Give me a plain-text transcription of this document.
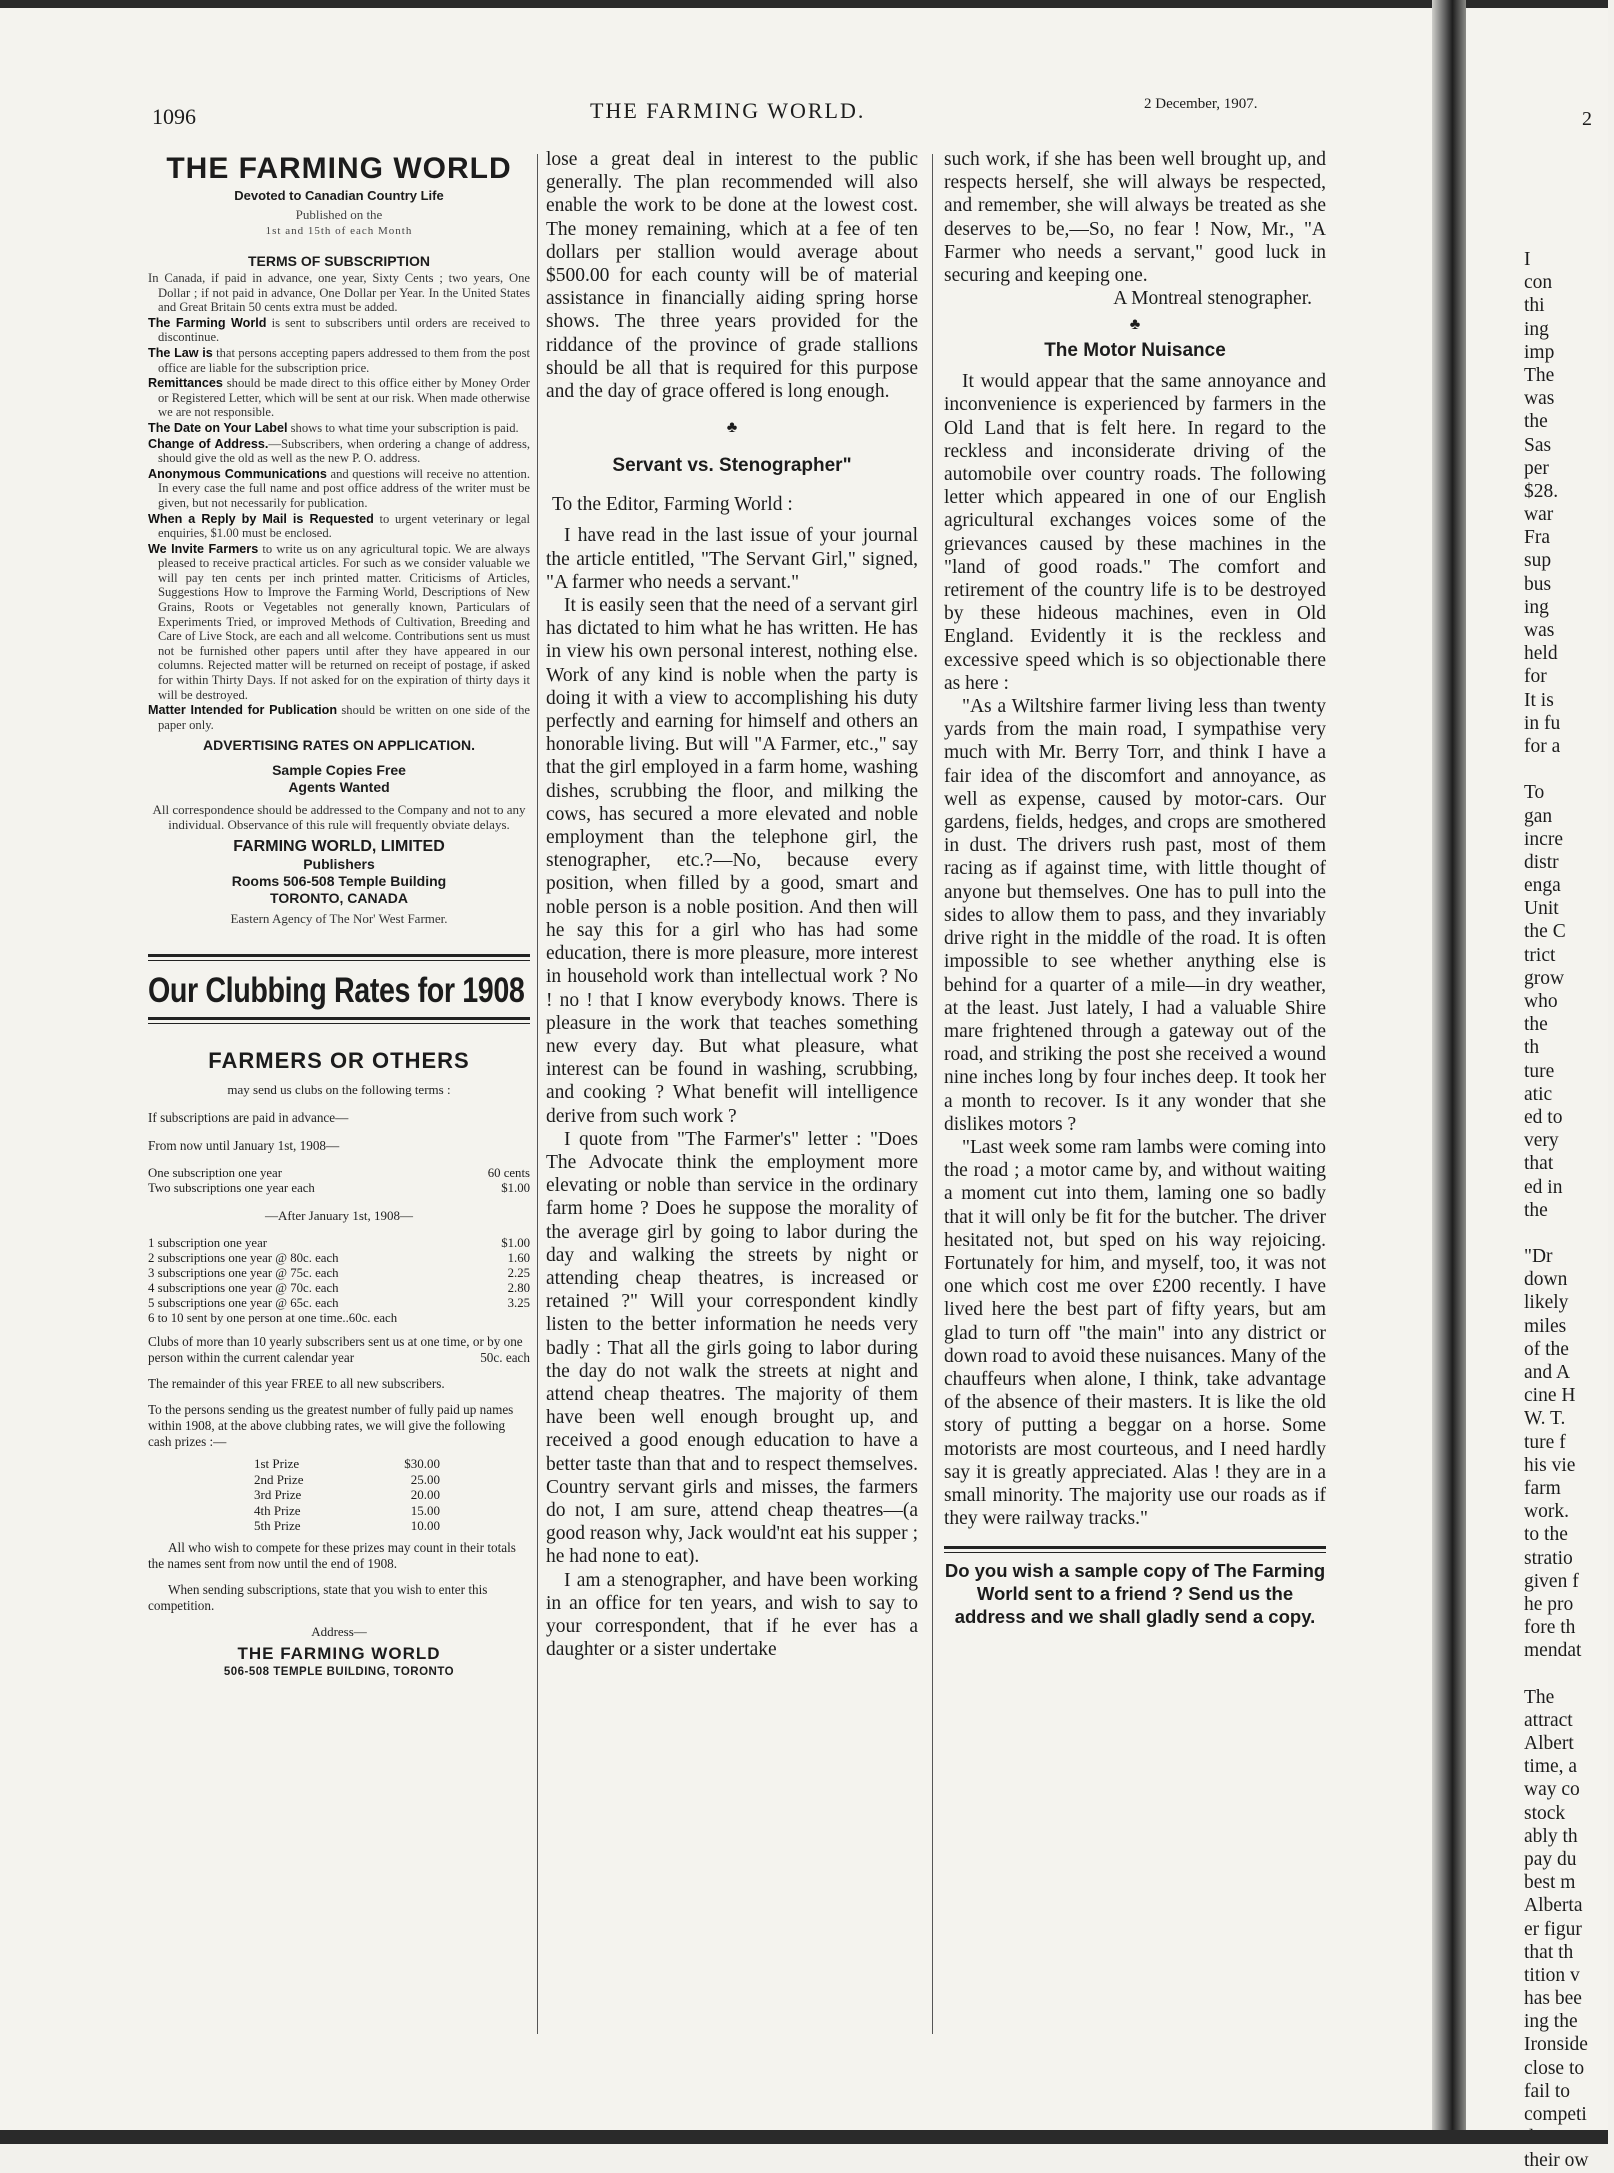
1096	THE FARMING WORLD.	2 December, 1907.
THE FARMING WORLD
Devoted to Canadian Country Life
Published on the
1st and 15th of each Month
TERMS OF SUBSCRIPTION

In Canada, if paid in advance, one year, Sixty Cents ; two years, One Dollar ; if not paid in advance, One Dollar per Year. In the United States and Great Britain 50 cents extra must be added.

The Farming World is sent to subscribers until orders are received to discontinue.

The Law is that persons accepting papers addressed to them from the post office are liable for the subscription price.

Remittances should be made direct to this office either by Money Order or Registered Letter, which will be sent at our risk. When made otherwise we are not responsible.

The Date on Your Label shows to what time your subscription is paid.

Change of Address.—Subscribers, when ordering a change of address, should give the old as well as the new P. O. address.

Anonymous Communications and questions will receive no attention. In every case the full name and post office address of the writer must be given, but not necessarily for publication.

When a Reply by Mail is Requested to urgent veterinary or legal enquiries, $1.00 must be enclosed.

We Invite Farmers to write us on any agricultural topic. We are always pleased to receive practical articles. For such as we consider valuable we will pay ten cents per inch printed matter. Criticisms of Articles, Suggestions How to Improve the Farming World, Descriptions of New Grains, Roots or Vegetables not generally known, Particulars of Experiments Tried, or improved Methods of Cultivation, Breeding and Care of Live Stock, are each and all welcome. Contributions sent us must not be furnished other papers until after they have appeared in our columns. Rejected matter will be returned on receipt of postage, if asked for within Thirty Days. If not asked for on the expiration of thirty days it will be destroyed.

Matter Intended for Publication should be written on one side of the paper only.

ADVERTISING RATES ON APPLICATION.
Sample Copies Free
Agents Wanted
All correspondence should be addressed to the Company and not to any individual. Observance of this rule will frequently obviate delays.
FARMING WORLD, LIMITED
Publishers
Rooms 506-508 Temple Building
TORONTO, CANADA
Eastern Agency of The Nor' West Farmer.
Our Clubbing Rates for 1908
FARMERS OR OTHERS
may send us clubs on the following terms :
If subscriptions are paid in advance—
From now until January 1st, 1908—
One subscription one year	60 cents
Two subscriptions one year each	$1.00
—After January 1st, 1908—
1 subscription one year	$1.00
2 subscriptions one year @ 80c. each	1.60
3 subscriptions one year @ 75c. each	2.25
4 subscriptions one year @ 70c. each	2.80
5 subscriptions one year @ 65c. each	3.25
6 to 10 sent by one person at one time..60c. each
Clubs of more than 10 yearly subscribers sent us at one time, or by one person within the current calendar year	50c. each
The remainder of this year FREE to all new subscribers.
To the persons sending us the greatest number of fully paid up names within 1908, at the above clubbing rates, we will give the following cash prizes :—
1st Prize	$30.00
2nd Prize	25.00
3rd Prize	20.00
4th Prize	15.00
5th Prize	10.00
All who wish to compete for these prizes may count in their totals the names sent from now until the end of 1908.
When sending subscriptions, state that you wish to enter this competition.
Address—
THE FARMING WORLD
506-508 TEMPLE BUILDING, TORONTO

lose a great deal in interest to the public generally. The plan recommended will also enable the work to be done at the lowest cost. The money remaining, which at a fee of ten dollars per stallion would average about $500.00 for each county will be of material assistance in financially aiding spring horse shows. The three years provided for the riddance of the province of grade stallions should be all that is required for this purpose and the day of grace offered is long enough.

♣
Servant vs. Stenographer"

To the Editor, Farming World :

I have read in the last issue of your journal the article entitled, "The Servant Girl," signed, "A farmer who needs a servant."

It is easily seen that the need of a servant girl has dictated to him what he has written. He has in view his own personal interest, nothing else. Work of any kind is noble when the party is doing it with a view to accomplishing his duty perfectly and earning for himself and others an honorable living. But will "A Farmer, etc.," say that the girl employed in a farm home, washing dishes, scrubbing the floor, and milking the cows, has secured a more elevated and noble employment than the telephone girl, the stenographer, etc.?—No, because every position, when filled by a good, smart and noble person is a noble position. And then will he say this for a girl who has had some education, there is more pleasure, more interest in household work than intellectual work ? No ! no ! that I know everybody knows. There is pleasure in the work that teaches something new every day. But what pleasure, what interest can be found in washing, scrubbing, and cooking ? What benefit will intelligence derive from such work ?

I quote from "The Farmer's" letter : "Does The Advocate think the employment more elevating or noble than service in the ordinary farm home ? Does he suppose the morality of the average girl by going to labor during the day and walking the streets by night or attending cheap theatres, is increased or retained ?" Will your correspondent kindly listen to the better information he needs very badly : That all the girls going to labor during the day do not walk the streets at night and attend cheap theatres. The majority of them have been well enough brought up, and received a good enough education to have a better taste than that and to respect themselves. Country servant girls and misses, the farmers do not, I am sure, attend cheap theatres—(a good reason why, Jack would'nt eat his supper ; he had none to eat).

I am a stenographer, and have been working in an office for ten years, and wish to say to your correspondent, that if he ever has a daughter or a sister undertake

such work, if she has been well brought up, and respects herself, she will always be respected, and remember, she will always be treated as she deserves to be,—So, no fear ! Now, Mr., "A Farmer who needs a servant," good luck in securing and keeping one.

A Montreal stenographer.
♣
The Motor Nuisance

It would appear that the same annoyance and inconvenience is experienced by farmers in the Old Land that is felt here. In regard to the reckless and inconsiderate driving of the automobile over country roads. The following letter which appeared in one of our English agricultural exchanges voices some of the grievances caused by these machines in the "land of good roads." The comfort and retirement of the country life is to be destroyed by these hideous machines, even in Old England. Evidently it is the reckless and excessive speed which is so objectionable there as here :

"As a Wiltshire farmer living less than twenty yards from the main road, I sympathise very much with Mr. Berry Torr, and think I have a fair idea of the discomfort and annoyance, as well as expense, caused by motor-cars. Our gardens, fields, hedges, and crops are smothered in dust. The drivers rush past, most of them racing as if against time, with little thought of anyone but themselves. One has to pull into the sides to allow them to pass, and they invariably drive right in the middle of the road. It is often impossible to see whether anything else is behind for a quarter of a mile—in dry weather, at the least. Just lately, I had a valuable Shire mare frightened through a gateway out of the road, and striking the post she received a wound nine inches long by four inches deep. It took her a month to recover. Is it any wonder that she dislikes motors ?

"Last week some ram lambs were coming into the road ; a motor came by, and without waiting a moment cut into them, laming one so badly that it will only be fit for the butcher. The driver hesitated not, but sped on his way rejoicing. Fortunately for him, and myself, too, it was not one which cost me over £200 recently. I have lived here the best part of fifty years, but am glad to turn off "the main" into any district or down road to avoid these nuisances. Many of the chauffeurs when alone, I think, take advantage of the absence of their masters. It is like the old story of putting a beggar on a horse. Some motorists are most courteous, and I need hardly say it is greatly appreciated. Alas ! they are in a small minority. The majority use our roads as if they were railway tracks."

Do you wish a sample copy of The Farming World sent to a friend ? Send us the address and we shall gladly send a copy.
2
I
con
thi
ing
imp
The
was
the
Sas
per
$28.
war
Fra
sup
bus
ing
was
held
for
It is
in fu
for a
To
gan
incre
distr
enga
Unit
the C
trict
grow
who
the
th
ture
atic
ed to
very
that
ed in
the
"Dr
down
likely
miles
of the
and A
cine H
W. T.
ture f
his vie
farm
work.
to the
stratio
given f
he pro
fore th
mendat
The
attract
Albert
time, a
way co
stock
ably th
pay du
best m
Alberta
er figur
that th
tition v
has bee
ing the
Ironside
close to
fail to
competi
their ow
